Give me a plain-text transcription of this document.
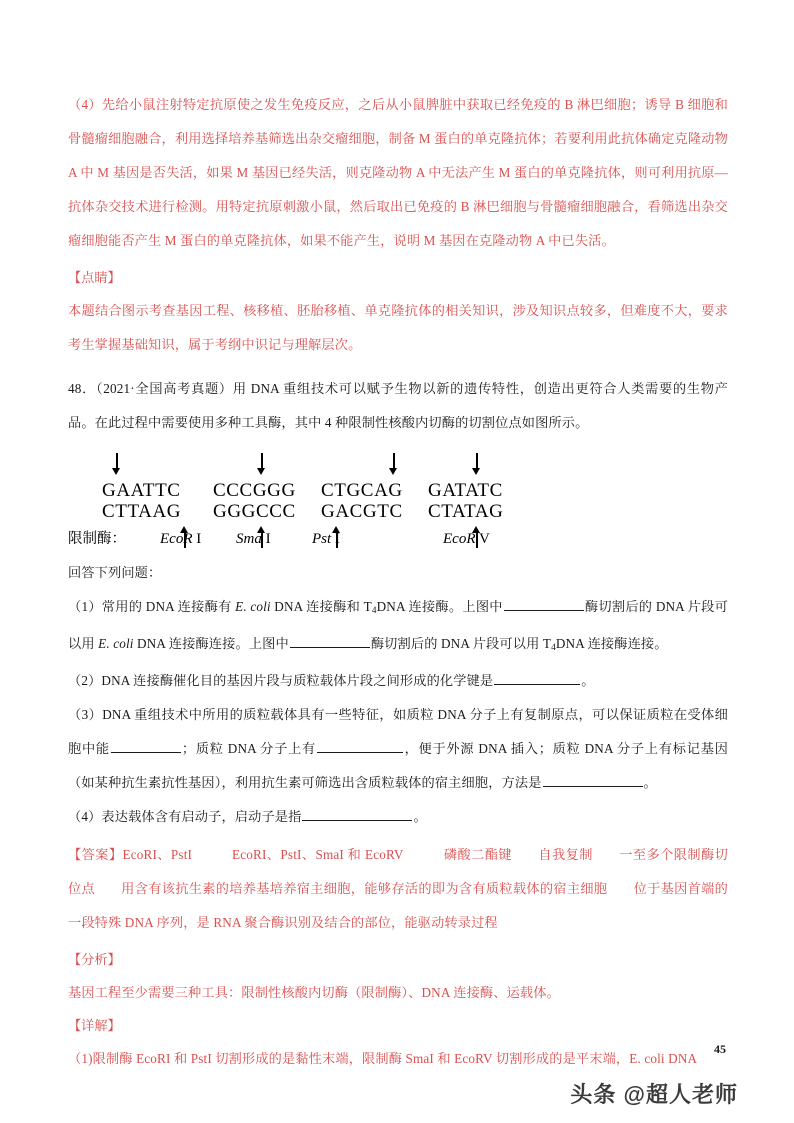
（4）先给小鼠注射特定抗原使之发生免疫反应，之后从小鼠脾脏中获取已经免疫的 B 淋巴细胞；诱导 B 细胞和骨髓瘤细胞融合，利用选择培养基筛选出杂交瘤细胞，制备 M 蛋白的单克隆抗体；若要利用此抗体确定克隆动物 A 中 M 基因是否失活，如果 M 基因已经失活，则克隆动物 A 中无法产生 M 蛋白的单克隆抗体，则可利用抗原—抗体杂交技术进行检测。用特定抗原刺激小鼠，然后取出已免疫的 B 淋巴细胞与骨髓瘤细胞融合，看筛选出杂交瘤细胞能否产生 M 蛋白的单克隆抗体，如果不能产生，说明 M 基因在克隆动物 A 中已失活。

【点睛】

本题结合图示考查基因工程、核移植、胚胎移植、单克隆抗体的相关知识，涉及知识点较多，但难度不大，要求考生掌握基础知识，属于考纲中识记与理解层次。

48．（2021·全国高考真题）用 DNA 重组技术可以赋予生物以新的遗传特性，创造出更符合人类需要的生物产品。在此过程中需要使用多种工具酶，其中 4 种限制性核酸内切酶的切割位点如图所示。

GAATTC
CTTAAG
EcoR I
CCCGGG
GGGCCC
Sma I
CTGCAG
GACGTC
Pst I
GATATC
CTATAG
EcoR V
限制酶：

回答下列问题：

（1）常用的 DNA 连接酶有 E. coli DNA 连接酶和 $T_4DNA$ 连接酶。上图中	酶切割后的 DNA 片段可以用 E. coli DNA 连接酶连接。上图中	酶切割后的 DNA 片段可以用 $T_4DNA$ 连接酶连接。

（2）DNA 连接酶催化目的基因片段与质粒载体片段之间形成的化学键是	。

（3）DNA 重组技术中所用的质粒载体具有一些特征，如质粒 DNA 分子上有复制原点，可以保证质粒在受体细胞中能	；质粒 DNA 分子上有	，便于外源 DNA 插入；质粒 DNA 分子上有标记基因（如某种抗生素抗性基因），利用抗生素可筛选出含质粒载体的宿主细胞，方法是	。

（4）表达载体含有启动子，启动子是指	。

【答案】EcoRI、PstI	EcoRI、PstI、SmaI 和 EcoRV	磷酸二酯键 自我复制 一至多个限制酶切位点 用含有该抗生素的培养基培养宿主细胞，能够存活的即为含有质粒载体的宿主细胞 位于基因首端的一段特殊 DNA 序列，是 RNA 聚合酶识别及结合的部位，能驱动转录过程

【分析】

基因工程至少需要三种工具：限制性核酸内切酶（限制酶）、DNA 连接酶、运载体。

【详解】

（1)限制酶 EcoRI 和 PstI 切割形成的是黏性末端，限制酶 SmaI 和 EcoRV 切割形成的是平末端，E. coli DNA

45
头条 @超人老师
